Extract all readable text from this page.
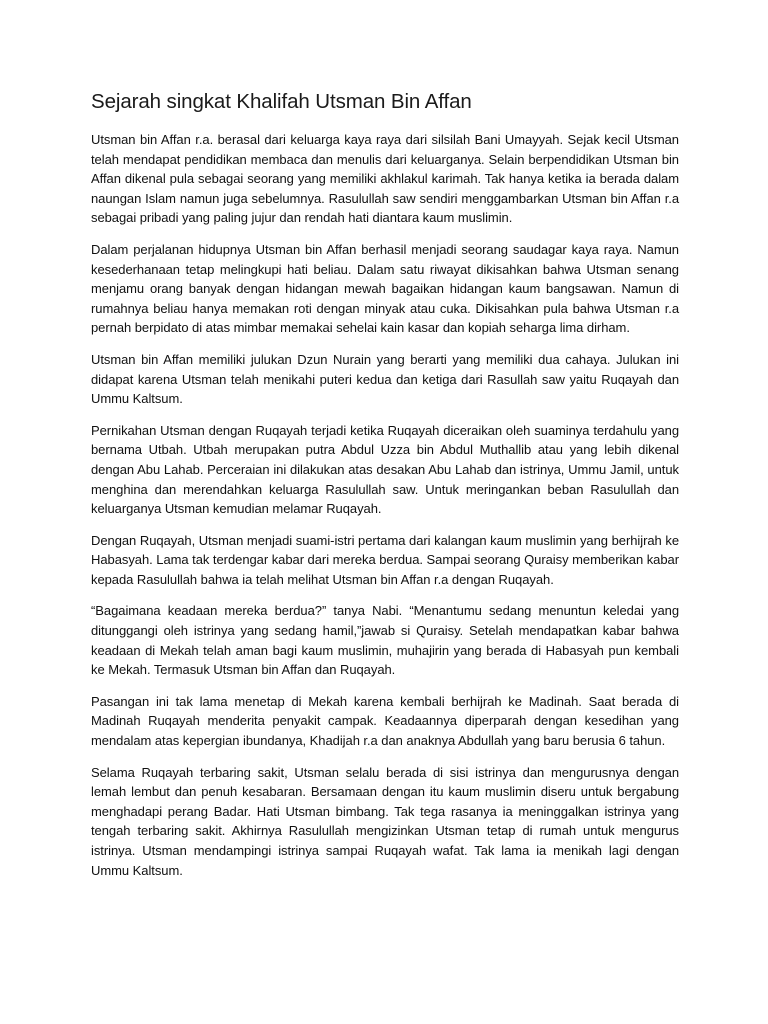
Sejarah singkat Khalifah Utsman Bin Affan

Utsman bin Affan r.a. berasal dari keluarga kaya raya dari silsilah Bani Umayyah. Sejak kecil Utsman telah mendapat pendidikan membaca dan menulis dari keluarganya. Selain berpendidikan Utsman bin Affan dikenal pula sebagai seorang yang memiliki akhlakul karimah. Tak hanya ketika ia berada dalam naungan Islam namun juga sebelumnya. Rasulullah saw sendiri menggambarkan Utsman bin Affan r.a sebagai pribadi yang paling jujur dan rendah hati diantara kaum muslimin.

Dalam perjalanan hidupnya Utsman bin Affan berhasil menjadi seorang saudagar kaya raya. Namun kesederhanaan tetap melingkupi hati beliau. Dalam satu riwayat dikisahkan bahwa Utsman senang menjamu orang banyak dengan hidangan mewah bagaikan hidangan kaum bangsawan. Namun di rumahnya beliau hanya memakan roti dengan minyak atau cuka. Dikisahkan pula bahwa Utsman r.a pernah berpidato di atas mimbar memakai sehelai kain kasar dan kopiah seharga lima dirham.

Utsman bin Affan memiliki julukan Dzun Nurain yang berarti yang memiliki dua cahaya. Julukan ini didapat karena Utsman telah menikahi puteri kedua dan ketiga dari Rasullah saw yaitu Ruqayah dan Ummu Kaltsum.

Pernikahan Utsman dengan Ruqayah terjadi ketika Ruqayah diceraikan oleh suaminya terdahulu yang bernama Utbah. Utbah merupakan putra Abdul Uzza bin Abdul Muthallib atau yang lebih dikenal dengan Abu Lahab. Perceraian ini dilakukan atas desakan Abu Lahab dan istrinya, Ummu Jamil, untuk menghina dan merendahkan keluarga Rasulullah saw. Untuk meringankan beban Rasulullah dan keluarganya Utsman kemudian melamar Ruqayah.

Dengan Ruqayah, Utsman menjadi suami-istri pertama dari kalangan kaum muslimin yang berhijrah ke Habasyah. Lama tak terdengar kabar dari mereka berdua. Sampai seorang Quraisy memberikan kabar kepada Rasulullah bahwa ia telah melihat Utsman bin Affan r.a dengan Ruqayah.

“Bagaimana keadaan mereka berdua?” tanya Nabi. “Menantumu sedang menuntun keledai yang ditunggangi oleh istrinya yang sedang hamil,”jawab si Quraisy. Setelah mendapatkan kabar bahwa keadaan di Mekah telah aman bagi kaum muslimin, muhajirin yang berada di Habasyah pun kembali ke Mekah. Termasuk Utsman bin Affan dan Ruqayah.

Pasangan ini tak lama menetap di Mekah karena kembali berhijrah ke Madinah. Saat berada di Madinah Ruqayah menderita penyakit campak. Keadaannya diperparah dengan kesedihan yang mendalam atas kepergian ibundanya, Khadijah r.a dan anaknya Abdullah yang baru berusia 6 tahun.

Selama Ruqayah terbaring sakit, Utsman selalu berada di sisi istrinya dan mengurusnya dengan lemah lembut dan penuh kesabaran. Bersamaan dengan itu kaum muslimin diseru untuk bergabung menghadapi perang Badar. Hati Utsman bimbang. Tak tega rasanya ia meninggalkan istrinya yang tengah terbaring sakit. Akhirnya Rasulullah mengizinkan Utsman tetap di rumah untuk mengurus istrinya. Utsman mendampingi istrinya sampai Ruqayah wafat. Tak lama ia menikah lagi dengan Ummu Kaltsum.
